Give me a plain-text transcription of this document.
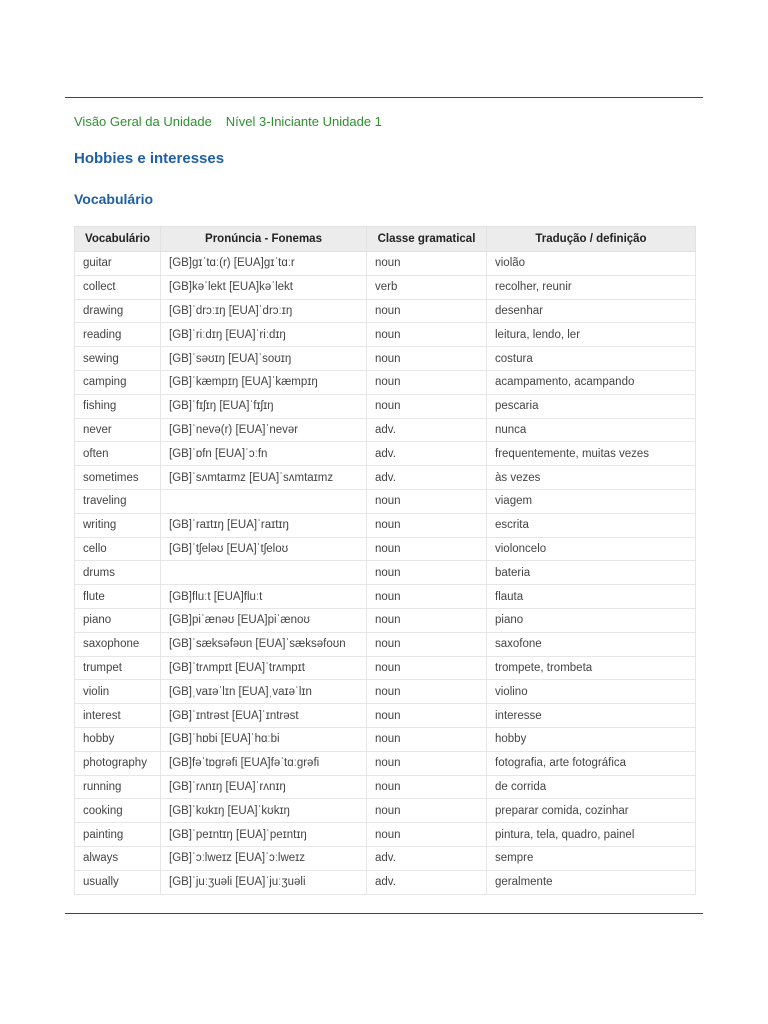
Visão Geral da Unidade Nível 3-Iniciante Unidade 1
Hobbies e interesses
Vocabulário
Vocabulário	Pronúncia - Fonemas	Classe gramatical	Tradução / definição
guitar	[GB]gɪˈtɑː(r) [EUA]gɪˈtɑːr	noun	violão
collect	[GB]kəˈlekt [EUA]kəˈlekt	verb	recolher, reunir
drawing	[GB]ˈdrɔːɪŋ [EUA]ˈdrɔːɪŋ	noun	desenhar
reading	[GB]ˈriːdɪŋ [EUA]ˈriːdɪŋ	noun	leitura, lendo, ler
sewing	[GB]ˈsəʊɪŋ [EUA]ˈsoʊɪŋ	noun	costura
camping	[GB]ˈkæmpɪŋ [EUA]ˈkæmpɪŋ	noun	acampamento, acampando
fishing	[GB]ˈfɪʃɪŋ [EUA]ˈfɪʃɪŋ	noun	pescaria
never	[GB]ˈnevə(r) [EUA]ˈnevər	adv.	nunca
often	[GB]ˈɒfn [EUA]ˈɔːfn	adv.	frequentemente, muitas vezes
sometimes	[GB]ˈsʌmtaɪmz [EUA]ˈsʌmtaɪmz	adv.	às vezes
traveling		noun	viagem
writing	[GB]ˈraɪtɪŋ [EUA]ˈraɪtɪŋ	noun	escrita
cello	[GB]ˈtʃeləʊ [EUA]ˈtʃeloʊ	noun	violoncelo
drums		noun	bateria
flute	[GB]fluːt [EUA]fluːt	noun	flauta
piano	[GB]piˈænəʊ [EUA]piˈænoʊ	noun	piano
saxophone	[GB]ˈsæksəfəʊn [EUA]ˈsæksəfoʊn	noun	saxofone
trumpet	[GB]ˈtrʌmpɪt [EUA]ˈtrʌmpɪt	noun	trompete, trombeta
violin	[GB]ˌvaɪəˈlɪn [EUA]ˌvaɪəˈlɪn	noun	violino
interest	[GB]ˈɪntrəst [EUA]ˈɪntrəst	noun	interesse
hobby	[GB]ˈhɒbi [EUA]ˈhɑːbi	noun	hobby
photography	[GB]fəˈtɒgrəfi [EUA]fəˈtɑːgrəfi	noun	fotografia, arte fotográfica
running	[GB]ˈrʌnɪŋ [EUA]ˈrʌnɪŋ	noun	de corrida
cooking	[GB]ˈkʊkɪŋ [EUA]ˈkʊkɪŋ	noun	preparar comida, cozinhar
painting	[GB]ˈpeɪntɪŋ [EUA]ˈpeɪntɪŋ	noun	pintura, tela, quadro, painel
always	[GB]ˈɔːlweɪz [EUA]ˈɔːlweɪz	adv.	sempre
usually	[GB]ˈjuːʒuəli [EUA]ˈjuːʒuəli	adv.	geralmente
